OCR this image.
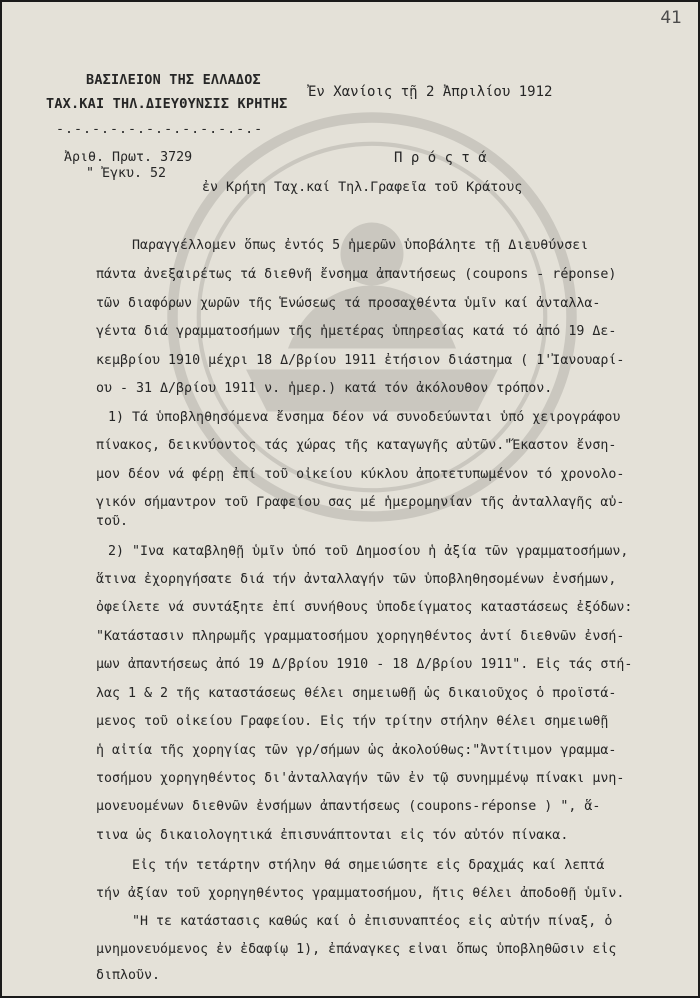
41
ΒΑΣΙΛΕΙΟΝ ΤΗΣ ΕΛΛΑΔΟΣ
ΤΑΧ.ΚΑΙ ΤΗΛ.ΔΙΕΥΘΥΝΣΙΣ ΚΡΗΤΗΣ
-.-.-.-.-.-.-.-.-.-.-.-
Ἐν Χανίοις τῇ 2 Ἀπριλίου 1912
Ἀριθ. Πρωτ. 3729
" Ἐγκυ. 52
Π ρ ό ς τ ά
ἐν Κρήτη Ταχ.καί Τηλ.Γραφεῖα τοῦ Κράτους
Παραγγέλλομεν ὅπως ἐντός 5 ἡμερῶν ὑποβάλητε τῇ Διευθύνσει
πάντα ἀνεξαιρέτως τά διεθνῆ ἔνσημα ἀπαντήσεως (coupons - réponse)
τῶν διαφόρων χωρῶν τῆς Ἑνώσεως τά προσαχθέντα ὑμῖν καί ἀνταλλα-
γέντα διά γραμματοσήμων τῆς ἡμετέρας ὑπηρεσίας κατά τό ἀπό 19 Δε-
κεμβρίου 1910 μέχρι 18 Δ/βρίου 1911 ἐτήσιον διάστημα ( 1'Ἰανουαρί-
ου - 31 Δ/βρίου 1911 ν. ἡμερ.) κατά τόν ἀκόλουθον τρόπον.
1) Τά ὑποβληθησόμενα ἔνσημα δέον νά συνοδεύωνται ὑπό χειρογράφου
πίνακος, δεικνύοντος τάς χώρας τῆς καταγωγῆς αὐτῶν."Ἕκαστον ἔνση-
μον δέον νά φέρῃ ἐπί τοῦ οἰκείου κύκλου ἀποτετυπωμένον τό χρονολο-
γικόν σήμαντρον τοῦ Γραφείου σας μέ ἡμερομηνίαν τῆς ἀνταλλαγῆς αὐ-
τοῦ.
2) "Ινα καταβληθῇ ὑμῖν ὑπό τοῦ Δημοσίου ἡ ἀξία τῶν γραμματοσήμων,
ἅτινα ἐχορηγήσατε διά τήν ἀνταλλαγήν τῶν ὑποβληθησομένων ἐνσήμων,
ὀφείλετε νά συντάξητε ἐπί συνήθους ὑποδείγματος καταστάσεως ἐξόδων:
"Κατάστασιν πληρωμῆς γραμματοσήμου χορηγηθέντος ἀντί διεθνῶν ἐνσή-
μων ἀπαντήσεως ἀπό 19 Δ/βρίου 1910 - 18 Δ/βρίου 1911". Εἰς τάς στή-
λας 1 & 2 τῆς καταστάσεως θέλει σημειωθῇ ὡς δικαιοῦχος ὁ προϊστά-
μενος τοῦ οἰκείου Γραφείου. Εἰς τήν τρίτην στήλην θέλει σημειωθῇ
ἡ αἰτία τῆς χορηγίας τῶν γρ/σήμων ὡς ἀκολούθως:"Ἀντίτιμον γραμμα-
τοσήμου χορηγηθέντος δι'ἀνταλλαγήν τῶν ἐν τῷ συνημμένῳ πίνακι μνη-
μονευομένων διεθνῶν ἐνσήμων ἀπαντήσεως (coupons-réponse ) ", ἅ-
τινα ὡς δικαιολογητικά ἐπισυνάπτονται εἰς τόν αὐτόν πίνακα.
Εἰς τήν τετάρτην στήλην θά σημειώσητε εἰς δραχμάς καί λεπτά
τήν ἀξίαν τοῦ χορηγηθέντος γραμματοσήμου, ἥτις θέλει ἀποδοθῇ ὑμῖν.
"Η τε κατάστασις καθώς καί ὁ ἐπισυναπτέος εἰς αὐτήν πίναξ, ὁ
μνημονευόμενος ἐν ἐδαφίῳ 1), ἐπάναγκες εἶναι ὅπως ὑποβληθῶσιν εἰς
διπλοῦν.
